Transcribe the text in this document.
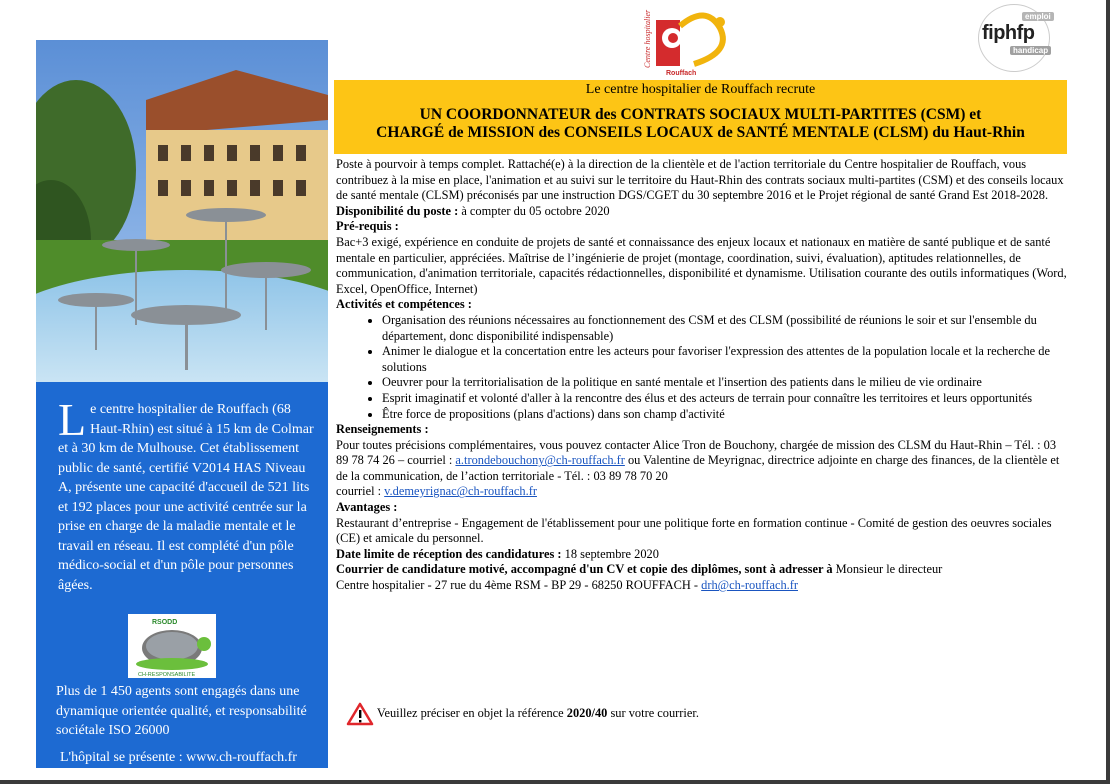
Centre hospitalier
Rouffach
emploi
fiphfp
handicap
Le centre hospitalier de Rouffach (68 Haut-Rhin) est situé à 15 km de Colmar et à 30 km de Mulhouse. Cet établissement public de santé, certifié V2014 HAS Niveau A, présente une capacité d'accueil de 521 lits et 192 places pour une activité centrée sur la prise en charge de la maladie mentale et le travail en réseau. Il est complété d'un pôle médico-social et d'un pôle pour personnes âgées.
RSODD
CH-RESPONSABILITE
Plus de 1 450 agents sont engagés dans une dynamique orientée qualité, et responsabilité sociétale ISO 26000
L'hôpital se présente : www.ch-rouffach.fr
Le centre hospitalier de Rouffach recrute
UN COORDONNATEUR des CONTRATS SOCIAUX MULTI-PARTITES (CSM) et
CHARGÉ de MISSION des CONSEILS LOCAUX de SANTÉ MENTALE (CLSM) du Haut-Rhin

Poste à pourvoir à temps complet. Rattaché(e) à la direction de la clientèle et de l'action territoriale du Centre hospitalier de Rouffach, vous contribuez à la mise en place, l'animation et au suivi sur le territoire du Haut-Rhin des contrats sociaux multi-partites (CSM) et des conseils locaux de santé mentale (CLSM) préconisés par une instruction DGS/CGET du 30 septembre 2016 et le Projet régional de santé Grand Est 2018-2028.

Disponibilité du poste : à compter du 05 octobre 2020

Pré-requis :

Bac+3 exigé, expérience en conduite de projets de santé et connaissance des enjeux locaux et nationaux en matière de santé publique et de santé mentale en particulier, appréciées. Maîtrise de l’ingénierie de projet (montage, coordination, suivi, évaluation), aptitudes relationnelles, de communication, d'animation territoriale, capacités rédactionnelles, disponibilité et dynamisme. Utilisation courante des outils informatiques (Word, Excel, OpenOffice, Internet)

Activités et compétences :

• Organisation des réunions nécessaires au fonctionnement des CSM et des CLSM (possibilité de réunions le soir et sur l'ensemble du département, donc disponibilité indispensable)
• Animer le dialogue et la concertation entre les acteurs pour favoriser l'expression des attentes de la population locale et la recherche de solutions
• Oeuvrer pour la territorialisation de la politique en santé mentale et l'insertion des patients dans le milieu de vie ordinaire
• Esprit imaginatif et volonté d'aller à la rencontre des élus et des acteurs de terrain pour connaître les territoires et leurs opportunités
• Être force de propositions (plans d'actions) dans son champ d'activité

Renseignements :

Pour toutes précisions complémentaires, vous pouvez contacter Alice Tron de Bouchony, chargée de mission des CLSM du Haut-Rhin – Tél. : 03 89 78 74 26 – courriel : a.trondebouchony@ch-rouffach.fr ou Valentine de Meyrignac, directrice adjointe en charge des finances, de la clientèle et de la communication, de l’action territoriale - Tél. : 03 89 78 70 20
courriel : v.demeyrignac@ch-rouffach.fr

Avantages :

Restaurant d’entreprise - Engagement de l'établissement pour une politique forte en formation continue - Comité de gestion des oeuvres sociales (CE) et amicale du personnel.

Date limite de réception des candidatures : 18 septembre 2020

Courrier de candidature motivé, accompagné d'un CV et copie des diplômes, sont à adresser à Monsieur le directeur
Centre hospitalier - 27 rue du 4ème RSM - BP 29 - 68250 ROUFFACH - drh@ch-rouffach.fr

Veuillez préciser en objet la référence 2020/40 sur votre courrier.
